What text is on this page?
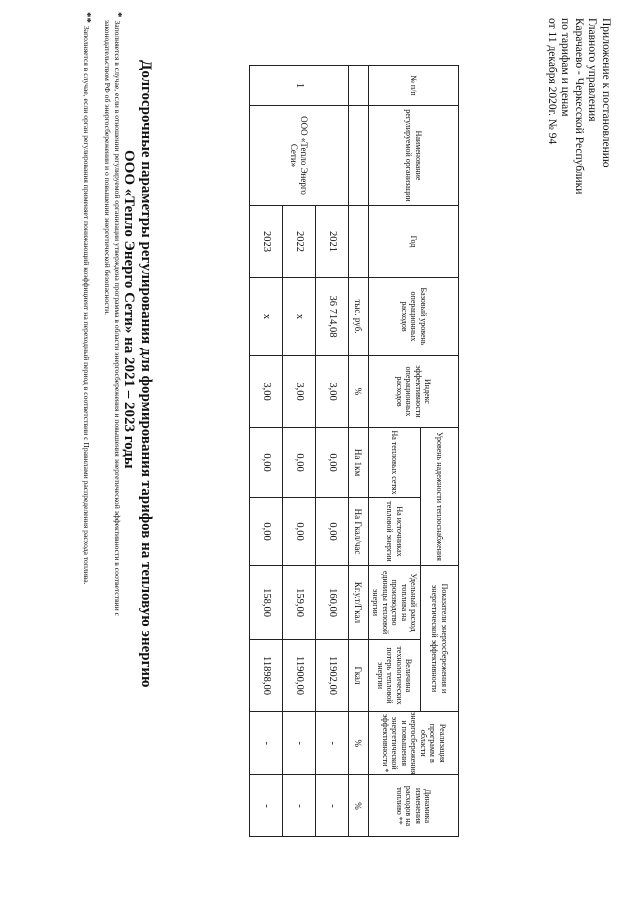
Приложение к постановлению
Главного управления
Карачаево - Черкесской Республики
по тарифам и ценам
от 11 декабря 2020г. № 94
Долгосрочные параметры регулирования для формирования тарифов на тепловую энергию
ООО «Тепло Энерго Сети» на 2021 – 2023 годы
№ п/п	Наименование регулируемой организации	Год	Базовый уровень операционных расходов	Индекс эффективности операционных расходов	Уровень надежности теплоснабжения		Показатели энергосбережения и энергетической эффективности		Реализация программ в области энергосбережения и повышения энергетической эффективности *	Динамика изменения расходов на топливо **
					На тепловых сетях	На источниках тепловой энергии	Удельный расход топлива на производство единицы тепловой энергии	Величина технологических потерь тепловой энергии		
			тыс. руб.	%	На 1км	На Гкал/час	Кг.у.т/Гкал	Гкал	%	%
1	ООО «Тепло Энерго Сети»	2021	36 714,08	3,00	0,00	0,00	160,00	11902,00	-	-
		2022	х	3,00	0,00	0,00	159,00	11900,00	-	-
		2023	х	3,00	0,00	0,00	158,00	11898,00	-	-
*Заполняется в случае, если в отношении регулируемой организации утверждена программа в области энергосбережения и повышения энергетической эффективности в соответствии с
законодательством РФ об энергосбережении и о повышении энергетической безопасности.
**Заполняется в случае, если орган регулирования применяет понижающий коэффициент на переходный период в соответствии с Правилами распределения расхода топлива.
